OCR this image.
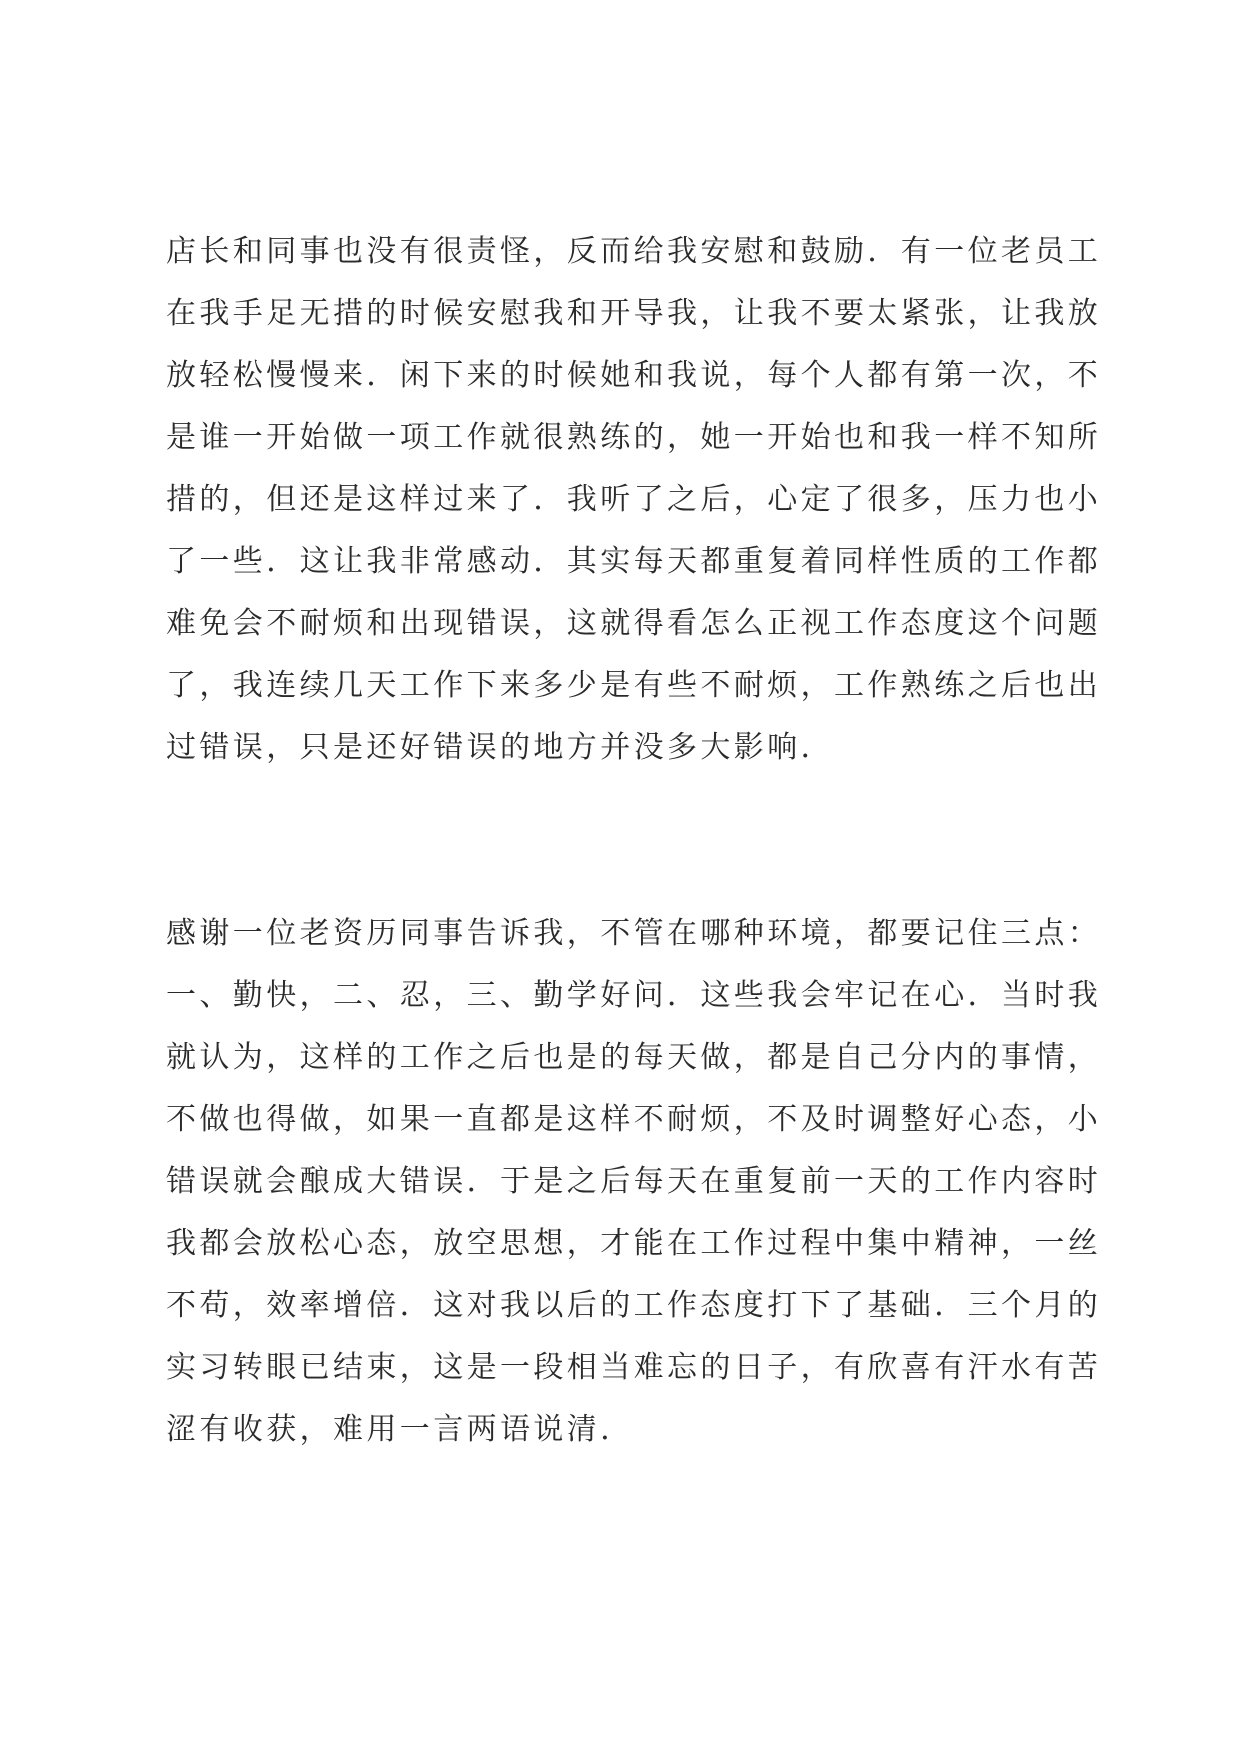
店长和同事也没有很责怪，反而给我安慰和鼓励．有一位老员工
在我手足无措的时候安慰我和开导我，让我不要太紧张，让我放
放轻松慢慢来．闲下来的时候她和我说，每个人都有第一次，不
是谁一开始做一项工作就很熟练的，她一开始也和我一样不知所
措的，但还是这样过来了．我听了之后，心定了很多，压力也小
了一些．这让我非常感动．其实每天都重复着同样性质的工作都
难免会不耐烦和出现错误，这就得看怎么正视工作态度这个问题
了，我连续几天工作下来多少是有些不耐烦，工作熟练之后也出
过错误，只是还好错误的地方并没多大影响．
感谢一位老资历同事告诉我，不管在哪种环境，都要记住三点：
一、勤快，二、忍，三、勤学好问．这些我会牢记在心．当时我
就认为，这样的工作之后也是的每天做，都是自己分内的事情，
不做也得做，如果一直都是这样不耐烦，不及时调整好心态，小
错误就会酿成大错误．于是之后每天在重复前一天的工作内容时
我都会放松心态，放空思想，才能在工作过程中集中精神，一丝
不苟，效率增倍．这对我以后的工作态度打下了基础．三个月的
实习转眼已结束，这是一段相当难忘的日子，有欣喜有汗水有苦
涩有收获，难用一言两语说清．
